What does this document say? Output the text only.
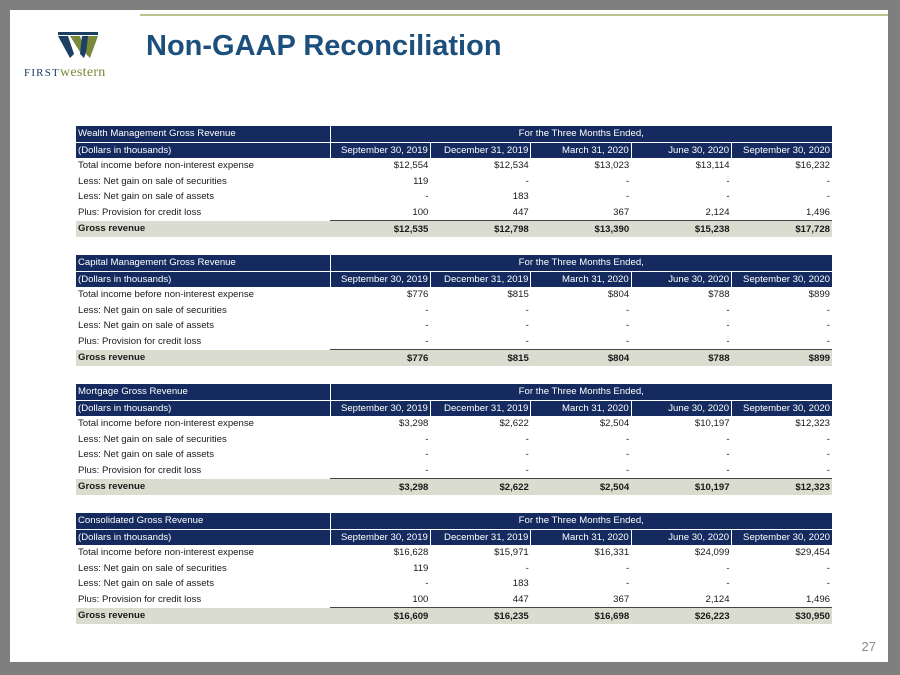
FIRSTwestern
Non-GAAP Reconciliation
27
Wealth Management Gross Revenue	For the Three Months Ended,				
(Dollars in thousands)	September 30, 2019	December 31, 2019	March 31, 2020	June 30, 2020	September 30, 2020
Total income before non-interest expense	$12,554	$12,534	$13,023	$13,114	$16,232
Less: Net gain on sale of securities	119	-	-	-	-
Less: Net gain on sale of assets	-	183	-	-	-
Plus: Provision for credit loss	100	447	367	2,124	1,496
Gross revenue	$12,535	$12,798	$13,390	$15,238	$17,728
Capital Management Gross Revenue	For the Three Months Ended,				
(Dollars in thousands)	September 30, 2019	December 31, 2019	March 31, 2020	June 30, 2020	September 30, 2020
Total income before non-interest expense	$776	$815	$804	$788	$899
Less: Net gain on sale of securities	-	-	-	-	-
Less: Net gain on sale of assets	-	-	-	-	-
Plus: Provision for credit loss	-	-	-	-	-
Gross revenue	$776	$815	$804	$788	$899
Mortgage Gross Revenue	For the Three Months Ended,				
(Dollars in thousands)	September 30, 2019	December 31, 2019	March 31, 2020	June 30, 2020	September 30, 2020
Total income before non-interest expense	$3,298	$2,622	$2,504	$10,197	$12,323
Less: Net gain on sale of securities	-	-	-	-	-
Less: Net gain on sale of assets	-	-	-	-	-
Plus: Provision for credit loss	-	-	-	-	-
Gross revenue	$3,298	$2,622	$2,504	$10,197	$12,323
Consolidated Gross Revenue	For the Three Months Ended,				
(Dollars in thousands)	September 30, 2019	December 31, 2019	March 31, 2020	June 30, 2020	September 30, 2020
Total income before non-interest expense	$16,628	$15,971	$16,331	$24,099	$29,454
Less: Net gain on sale of securities	119	-	-	-	-
Less: Net gain on sale of assets	-	183	-	-	-
Plus: Provision for credit loss	100	447	367	2,124	1,496
Gross revenue	$16,609	$16,235	$16,698	$26,223	$30,950
